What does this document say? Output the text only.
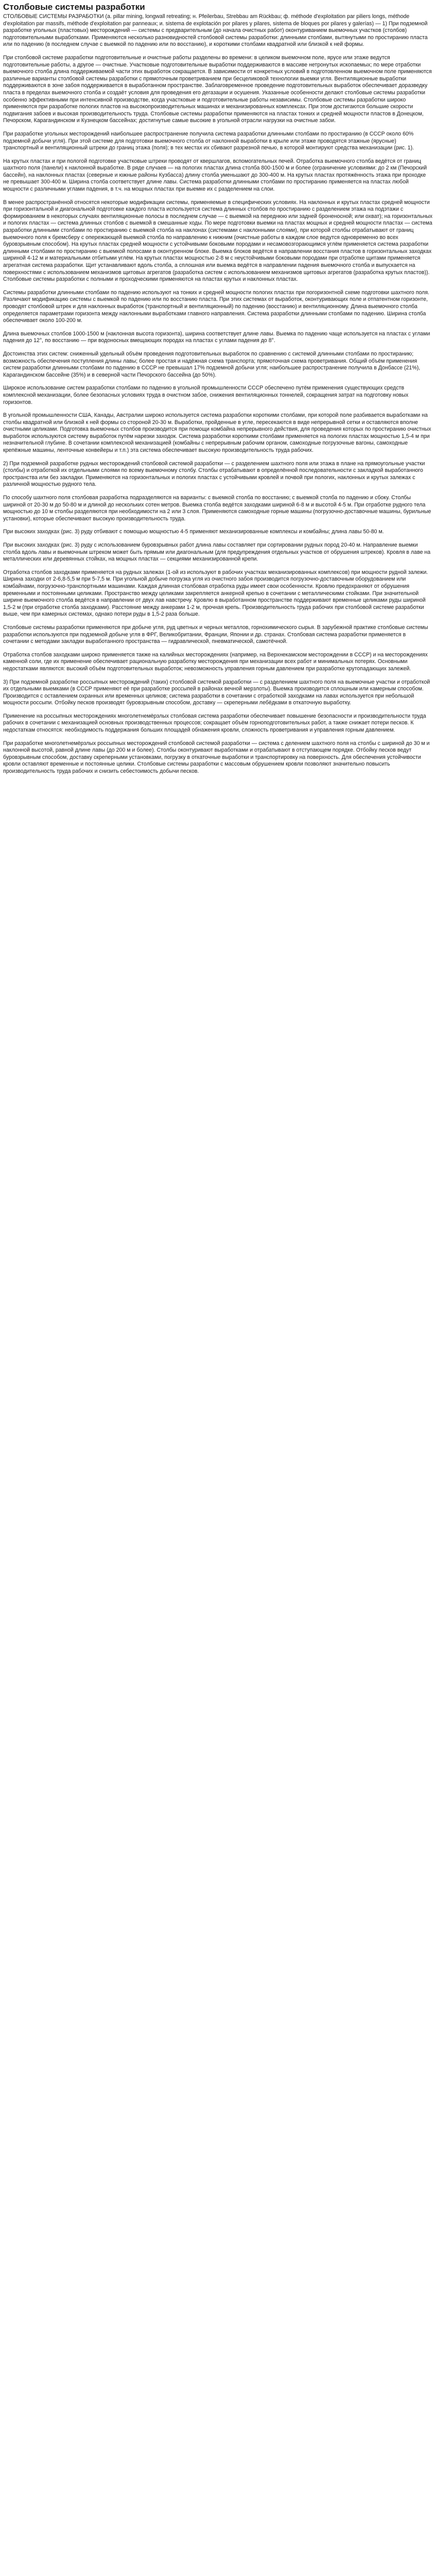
Столбовые системы разработки

СТОЛБОВЫЕ СИСТЕМЫ РАЗРАБОТКИ (a. pillar mining, longwall retreating; н. Pfeilerbau, Strebbau am Rückbau; ф. méthode d'exploitation par piliers longs, méthode d'exploitation par massifs, méthode d'exploitation par panneaux; и. sistema de explotación por pilares y pilares, sistema de bloques por pilares y galerías) — 1) При подземной разработке угольных (пластовых) месторождений — системы с предварительным (до начала очистных работ) оконтуриванием выемочных участков (столбов) подготовительными выработками. Применяются несколько разновидностей столбовой системы разработки: длинными столбами, вытянутыми по простиранию пласта или по падению (в последнем случае с выемкой по падению или по восстанию), и короткими столбами квадратной или близкой к ней формы.

При столбовой системе разработки подготовительные и очистные работы разделены во времени: в целиком выемочном поле, ярусе или этаже ведутся подготовительные работы, а другое — очистные. Участковые подготовительные выработки поддерживаются в массиве нетронутых ископаемых; по мере отработки выемочного столба длина поддерживаемой части этих выработок сокращается. В зависимости от конкретных условий в подготовленном выемочном поле применяются различные варианты столбовой системы разработки с прямоточным проветриванием при бесцеликовой технологии выемки угля. Вентиляционные выработки поддерживаются в зоне забоя поддерживается в выработанном пространстве. Заблаговременное проведение подготовительных выработок обеспечивает доразведку пласта в пределах выемочного столба и создаёт условия для проведения его дегазации и осушения. Указанные особенности делают столбовые системы разработки особенно эффективными при интенсивной производстве, когда участковые и подготовительные работы независимы. Столбовые системы разработки широко применяются при разработке пологих пластов на высокопроизводительных машинах и механизированных комплексах. При этом достигаются большие скорости подвигания забоев и высокая производительность труда. Столбовые системы разработки применяются на пластах тонких и средней мощности пластов в Донецком, Печорском, Карагандинском и Кузнецком бассейнах; достигнутые самые высокие в угольной отрасли нагрузки на очистные забои.

При разработке угольных месторождений наибольшее распространение получила система разработки длинными столбами по простиранию (в СССР около 60% подземной добычи угля). При этой системе для подготовки выемочного столба от наклонной выработки в крыле или этаже проводятся этажные (ярусные) транспортный и вентиляционный штреки до границ этажа (поля); в тех местах их сбивают разрезной печью, в которой монтируют средства механизации (рис. 1).

На крутых пластах и при пологой подготовке участковые штреки проводят от квершлагов, вспомогательных печей. Отработка выемочного столба ведётся от границ шахтного поля (панели) к наклонной выработке. В ряде случаев — на пологих пластах длина столба 800-1500 м и более (ограничение условиями: до 2 км (Печорский бассейн), на наклонных пластах (северные и южные районы Кузбасса) длину столба уменьшают до 300-400 м. На крутых пластах протяжённость этажа при проходке не превышает 300-400 м. Ширина столба соответствует длине лавы. Система разработки длинными столбами по простиранию применяется на пластах любой мощности с различными углами падения, в т.ч. на мощных пластах при выемке их с разделением на слои.

В менее распространённой относятся некоторые модификации системы, применяемые в специфических условиях. На наклонных и крутых пластах средней мощности при горизонтальной и диагональной подготовке каждого пласта используется система длинных столбов по простиранию с разделением этажа на подэтажи с формированием в некоторых случаях вентиляционные полосы в последнем случае — с выемкой на переднюю или задней броненосной; или охват); на горизонтальных и пологих пластах — система длинных столбов с выемкой в смешанные ходы. По мере подготовки выемки на пластах мощных и средней мощности пластах — система разработки длинными столбами по простиранию с выемкой столба на наклонах (системами с наклонными слоями), при которой столбы отрабатывают от границ выемочного поля к бремсберу с опережающей выемкой столба по направлению к нижним (очистные работы в каждом слое ведутся одновременно во всех буровзрывным способом). На крутых пластах средней мощности с устойчивыми боковыми породами и несамовозгорающимся углём применяется система разработки длинными столбами по простиранию с выемкой полосами в оконтуренном блоке. Выемка блоков ведётся в направлении восстания пластов в горизонтальных заходках шириной 4-12 м и материальными отбитыми углём. На крутых пластах мощностью 2-8 м с неустойчивыми боковыми породами при отработке щитами применяется агрегатная система разработки. Щит устанавливают вдоль столба, а сплошная или выемка ведётся в направлении падения выемочного столба и выпускается на поверхностями с использованием механизмов щитовых агрегатов (разработка систем с использованием механизмов щитовых агрегатов (разработка крутых пластов)). Столбовые системы разработки с полными и проходческими применяются на пластах крутых и наклонных пластах.

Системы разработки длинными столбами по падению используют на тонких и средней мощности пологих пластах при погоризонтной схеме подготовки шахтного поля. Различают модификацию системы с выемкой по падению или по восстанию пласта. При этих системах от выработок, оконтуривающих поле и отпатентном горизонте, проводят столбовой штрек и для наклонных выработок (транспортный и вентиляционный) по падению (восстанию) и вентиляционному. Длина выемочного столба определяется параметрами горизонта между наклонными выработками главного направления. Система разработки длинными столбами по падению. Ширина столба обеспечивает около 100-200 м.

Длина выемочных столбов 1000-1500 м (наклонная высота горизонта), ширина соответствует длине лавы. Выемка по падению чаще используется на пластах с углами падения до 12°, по восстанию — при водоносных вмещающих породах на пластах с углами падения до 8°.

Достоинства этих систем: сниженный удельный объём проведения подготовительных выработок по сравнению с системой длинными столбами по простиранию; возможность обеспечения поступления длины лавы; более простая и надёжная схема транспорта; прямоточная схема проветривания. Общий объём применения систем разработки длинными столбами по падению в СССР не превышал 17% подземной добычи угля; наибольшее распространение получила в Донбассе (21%), Карагандинском бассейне (35%) и в северной части Печорского бассейна (до 50%).

Широкое использование систем разработки столбами по падению в угольной промышленности СССР обеспечено путём применения существующих средств комплексной механизации, более безопасных условиях труда в очистном забое, снижения вентиляционных тоннелей, сокращения затрат на подготовку новых горизонтов.

В угольной промышленности США, Канады, Австралии широко используется система разработки короткими столбами, при которой поле разбивается выработками на столбы квадратной или близкой к ней формы со стороной 20-30 м. Выработки, пройденные в угле, пересекаются в виде непрерывной сетки и оставляются вполне очистными целиками. Подготовка выемочных столбов производится при помощи комбайна непрерывного действия, для проведения которых по простиранию очистных выработок используются систему выработок путём нарезки заходок. Система разработки короткими столбами применяется на пологих пластах мощностью 1,5-4 м при незначительной глубине. В сочетании комплексной механизацией (комбайны с непрерывным рабочим органом, самоходные погрузочные вагоны, самоходные крепёжные машины, ленточные конвейеры и т.п.) эта система обеспечивает высокую производительность труда рабочих.

2) При подземной разработке рудных месторождений столбовой системой разработки — с разделением шахтного поля или этажа в плане на прямоугольные участки (столбы) и отработкой их отдельными слоями по всему выемочному столбу. Столбы отрабатывают в определённой последовательности с закладкой выработанного пространства или без закладки. Применяются на горизонтальных и пологих пластах с устойчивыми кровлей и почвой при пологих, наклонных и крутых залежах с различной мощностью рудного тела.

По способу шахтного поля столбовая разработка подразделяются на варианты: с выемкой столба по восстанию; с выемкой столба по падению и сбоку. Столбы шириной от 20-30 м до 50-80 м и длиной до нескольких сотен метров. Выемка столба ведётся заходками шириной 6-8 м и высотой 4-5 м. При отработке рудного тела мощностью до 10 м столбы разделяются при необходимости на 2 или 3 слоя. Применяются самоходные горные машины (погрузочно-доставочные машины, бурильные установки), которые обеспечивают высокую производительность труда.

При высоких заходках (рис. 3) руду отбивают с помощью мощностью 4-5 применяют механизированные комплексы и комбайны; длина лавы 50-80 м.

При высоких заходках (рис. 3) руду с использованием буровзрывных работ длина лавы составляет при сортировании рудных пород 20-40 м. Направление выемки столба вдоль лавы и выемочным штреком может быть прямым или диагональным (для предупреждения отдельных участков от обрушения штреков). Кровля в лаве на металлических или деревянных стойках, на мощных пластах — секциями механизированной крепи.

Отработка столбов заходками применяется на рудных залежах (1-ой из используют в рабочих участках механизированных комплексов) при мощности рудной залежи. Ширина заходки от 2-6,8-5,5 м при 5-7,5 м. При угольной добыче погрузка угля из очистного забоя производится погрузочно-доставочным оборудованием или комбайнами, погрузочно-транспортными машинами. Каждая длинная столбовая отработка руды имеет свои особенности. Кровлю предохраняют от обрушения временными и постоянными целиками. Пространство между целиками закрепляется анкерной крепью в сочетании с металлическими стойками. При значительной ширине выемочного столба ведётся в направлении от двух лав навстречу. Кровлю в выработанном пространстве поддерживают временные целиками руды шириной 1,5-2 м (при отработке столба заходками). Расстояние между анкерами 1-2 м, прочная крепь. Производительность труда рабочих при столбовой системе разработки выше, чем при камерных системах, однако потери руды в 1,5-2 раза больше.

Столбовые системы разработки применяются при добыче угля, руд цветных и черных металлов, горнохимического сырья. В зарубежной практике столбовые системы разработки используются при подземной добыче угля в ФРГ, Великобритании, Франции, Японии и др. странах. Столбовая система разработки применяется в сочетании с методами закладки выработанного пространства — гидравлической, пневматической, самотёчной.

Отработка столбов заходками широко применяется также на калийных месторождениях (например, на Верхнекамском месторождении в СССР) и на месторождениях каменной соли, где их применение обеспечивает рациональную разработку месторождения при механизации всех работ и минимальных потерях. Основными недостатками являются: высокий объём подготовительных выработок; невозможность управления горным давлением при разработке крутопадающих залежей.

3) При подземной разработке россыпных месторождений (таких) столбовой системой разработки — с разделением шахтного поля на выемочные участки и отработкой их отдельными выемками (в СССР применяют её при разработке россыпей в районах вечной мерзлоты). Выемка производится сплошным или камерным способом. Производится с оставлением охранных или временных целиков; система разработки в сочетании с отработкой заходками на лавах используется при небольшой мощности россыпи. Отбойку песков производят буровзрывным способом, доставку — скреперными лебёдками в откаточную выработку.

Применение на россыпных месторождениях многолетнемёрзлых столбовая система разработки обеспечивает повышение безопасности и производительности труда рабочих в сочетании с механизацией основных производственных процессов; сокращает объём горноподготовительных работ, а также снижает потери песков. К недостаткам относятся: необходимость поддержания больших площадей обнажения кровли, сложность проветривания и управления горным давлением.

При разработке многолетнемёрзлых россыпных месторождений столбовой системой разработки — система с делением шахтного поля на столбы с шириной до 30 м и наклонной высотой, равной длине лавы (до 200 м и более). Столбы оконтуривают выработками и отрабатывают в отступающем порядке. Отбойку песков ведут буровзрывным способом, доставку скреперными установками, погрузку в откаточные выработки и транспортировку на поверхность. Для обеспечения устойчивости кровли оставляют временные и постоянные целики. Столбовые системы разработки с массовым обрушением кровли позволяют значительно повысить производительность труда рабочих и снизить себестоимость добычи песков.
